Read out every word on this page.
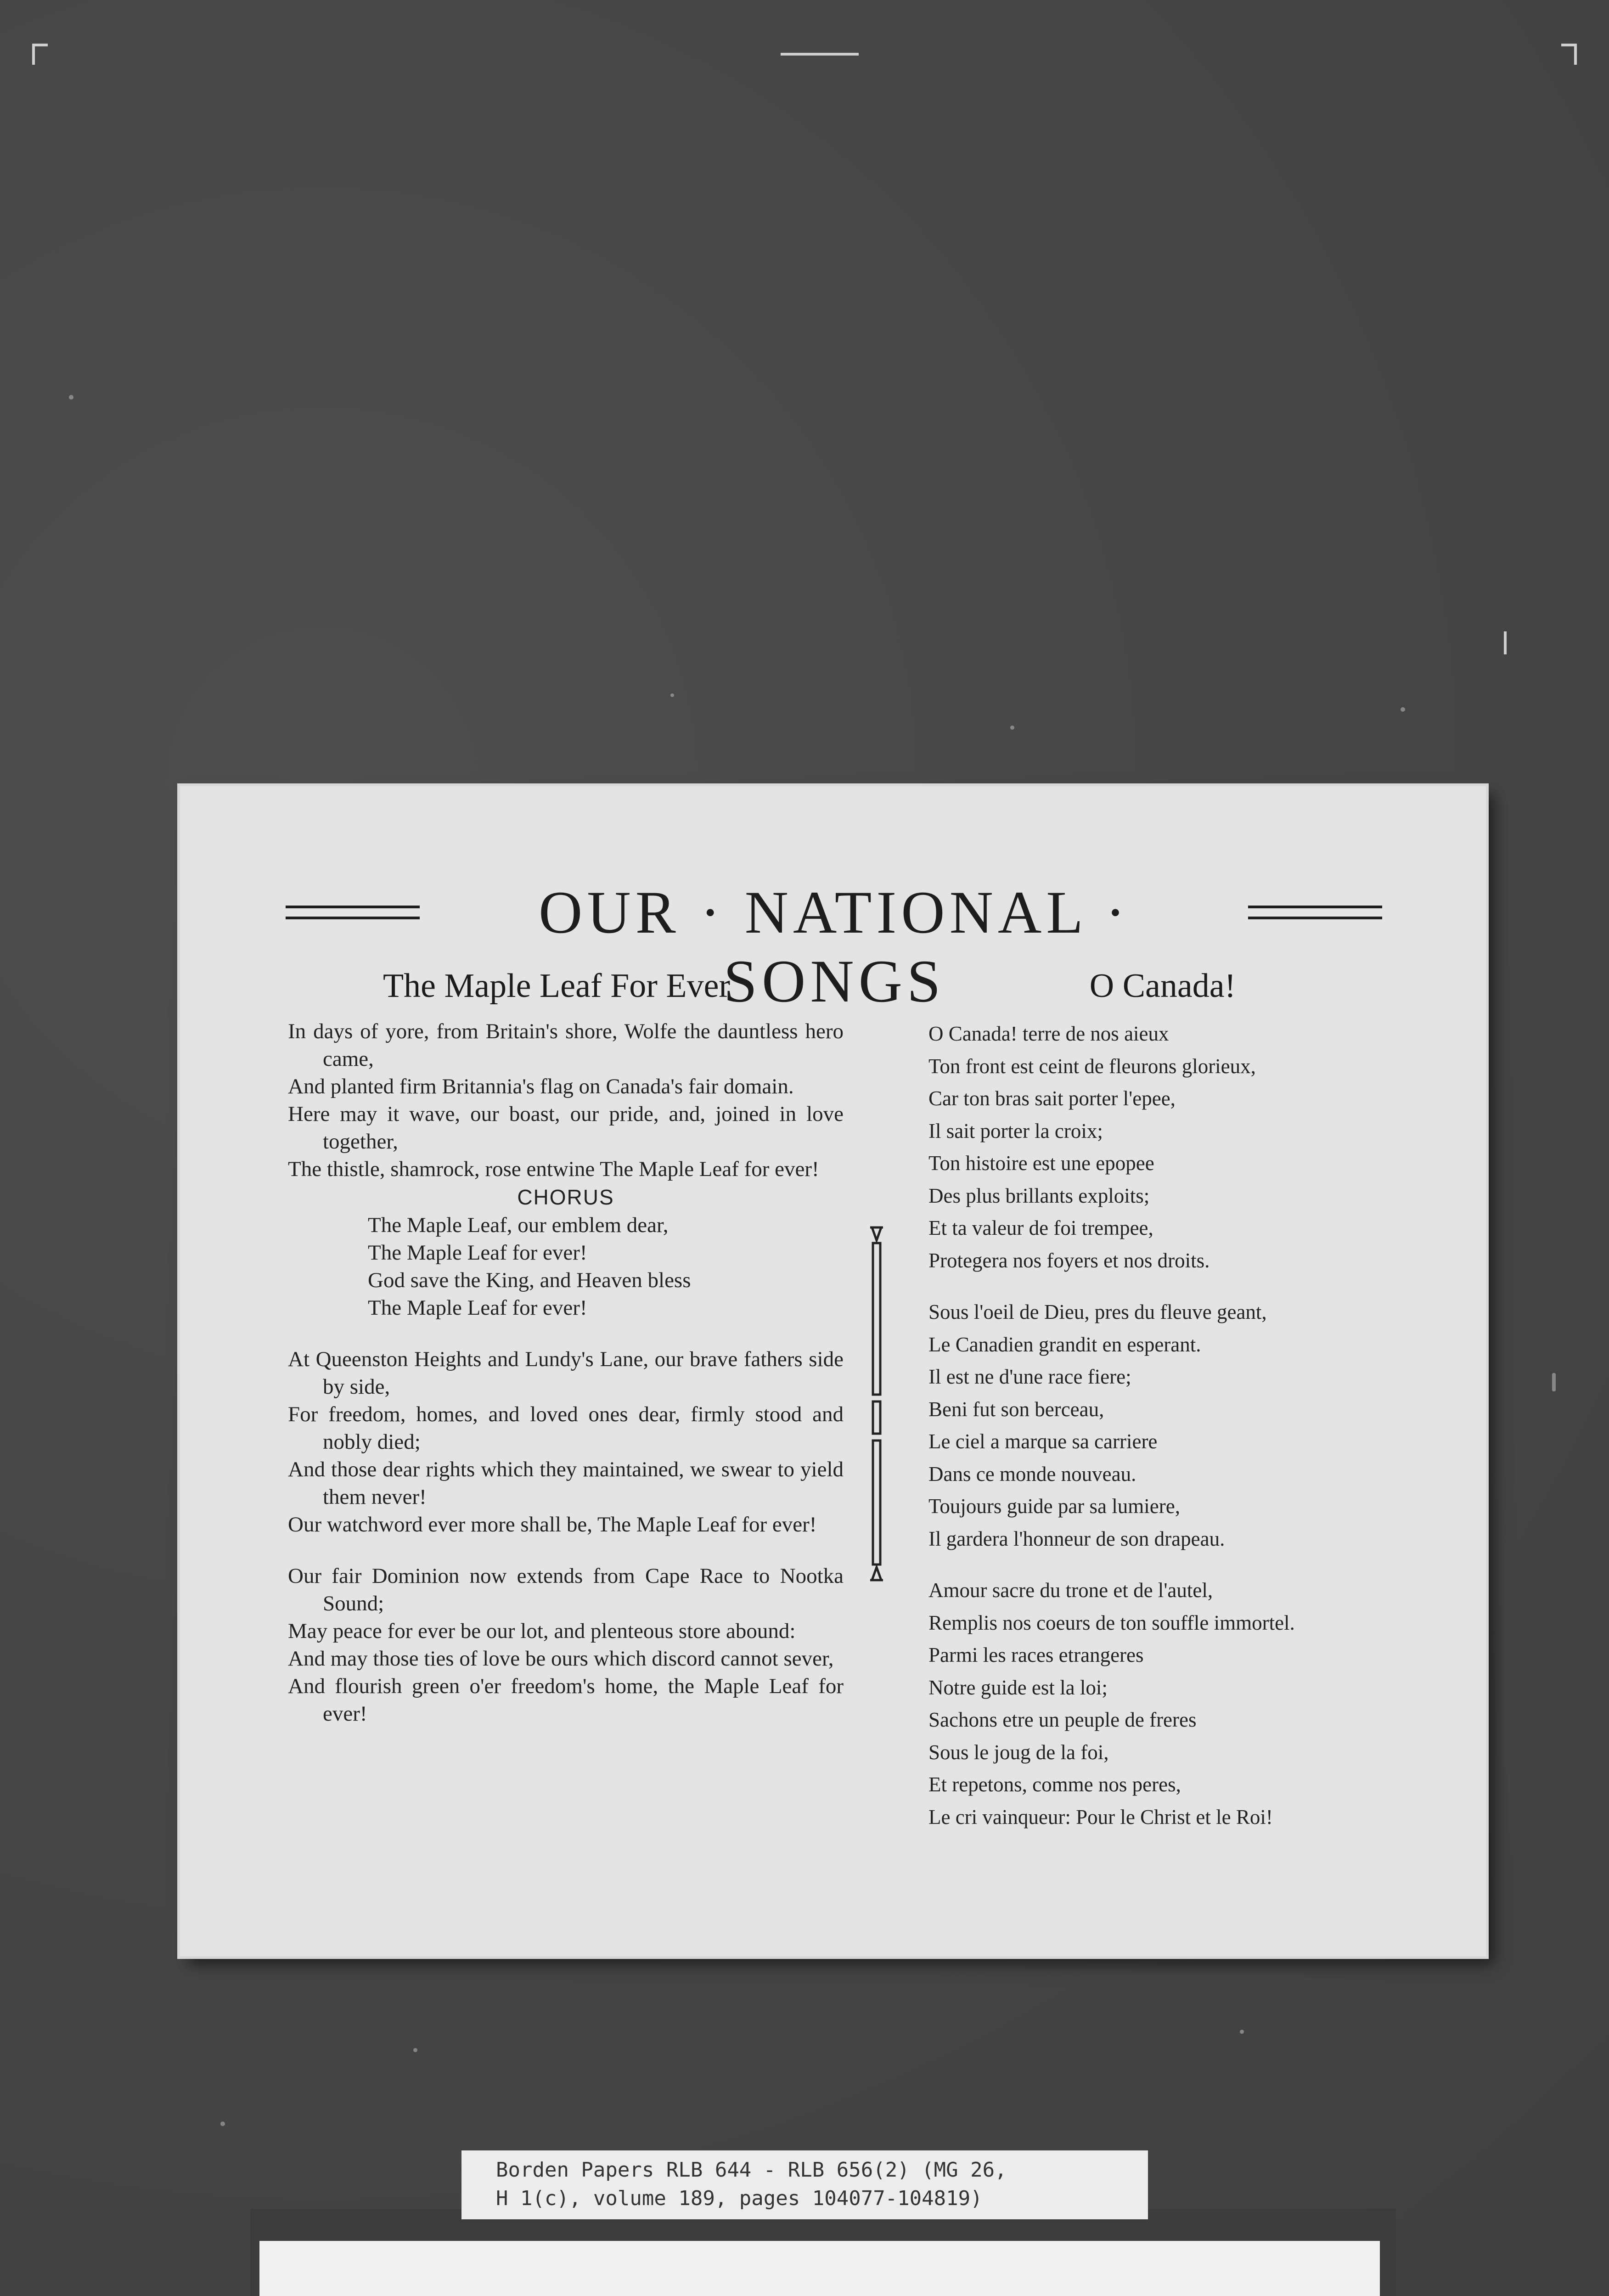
OUR · NATIONAL · SONGS
The Maple Leaf For Ever
In days of yore, from Britain's shore, Wolfe the dauntless hero came,
And planted firm Britannia's flag on Canada's fair domain.
Here may it wave, our boast, our pride, and, joined in love together,
The thistle, shamrock, rose entwine The Maple Leaf for ever!
CHORUS
The Maple Leaf, our emblem dear,
The Maple Leaf for ever!
God save the King, and Heaven bless
The Maple Leaf for ever!
At Queenston Heights and Lundy's Lane, our brave fathers side by side,
For freedom, homes, and loved ones dear, firmly stood and nobly died;
And those dear rights which they maintained, we swear to yield them never!
Our watchword ever more shall be, The Maple Leaf for ever!
Our fair Dominion now extends from Cape Race to Nootka Sound;
May peace for ever be our lot, and plenteous store abound:
And may those ties of love be ours which discord cannot sever,
And flourish green o'er freedom's home, the Maple Leaf for ever!
O Canada!
O Canada! terre de nos aieux
Ton front est ceint de fleurons glorieux,
Car ton bras sait porter l'epee,
Il sait porter la croix;
Ton histoire est une epopee
Des plus brillants exploits;
Et ta valeur de foi trempee,
Protegera nos foyers et nos droits.
Sous l'oeil de Dieu, pres du fleuve geant,
Le Canadien grandit en esperant.
Il est ne d'une race fiere;
Beni fut son berceau,
Le ciel a marque sa carriere
Dans ce monde nouveau.
Toujours guide par sa lumiere,
Il gardera l'honneur de son drapeau.
Amour sacre du trone et de l'autel,
Remplis nos coeurs de ton souffle immortel.
Parmi les races etrangeres
Notre guide est la loi;
Sachons etre un peuple de freres
Sous le joug de la foi,
Et repetons, comme nos peres,
Le cri vainqueur: Pour le Christ et le Roi!
Borden Papers RLB 644 - RLB 656(2) (MG 26,
H 1(c), volume 189, pages 104077-104819)
